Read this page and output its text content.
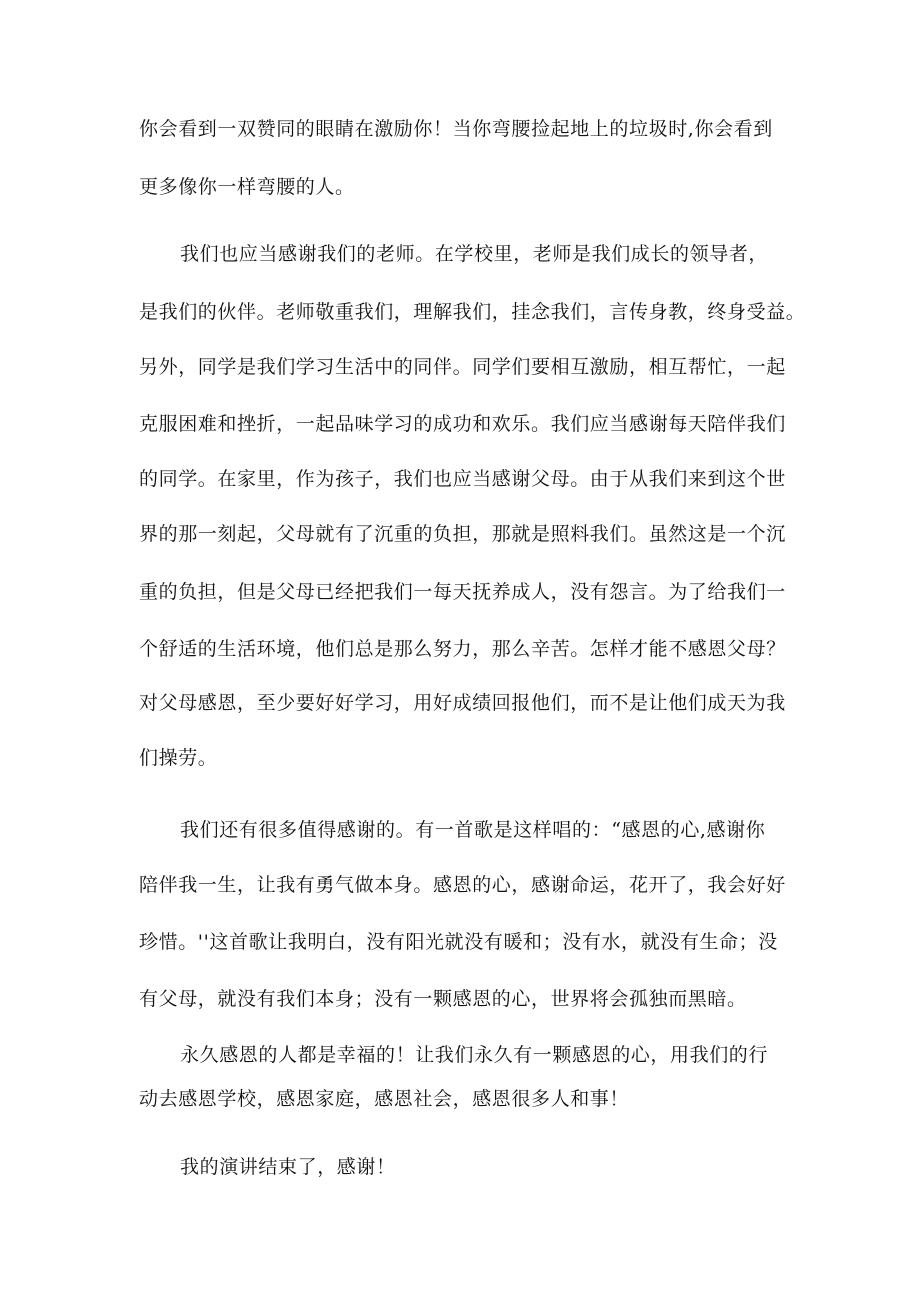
你会看到一双赞同的眼睛在激励你！当你弯腰捡起地上的垃圾时,你会看到
更多像你一样弯腰的人。
我们也应当感谢我们的老师。在学校里，老师是我们成长的领导者，
是我们的伙伴。老师敬重我们，理解我们，挂念我们，言传身教，终身受益。
另外，同学是我们学习生活中的同伴。同学们要相互激励，相互帮忙，一起
克服困难和挫折，一起品味学习的成功和欢乐。我们应当感谢每天陪伴我们
的同学。在家里，作为孩子，我们也应当感谢父母。由于从我们来到这个世
界的那一刻起，父母就有了沉重的负担，那就是照料我们。虽然这是一个沉
重的负担，但是父母已经把我们一每天抚养成人，没有怨言。为了给我们一
个舒适的生活环境，他们总是那么努力，那么辛苦。怎样才能不感恩父母？
对父母感恩，至少要好好学习，用好成绩回报他们，而不是让他们成天为我
们操劳。
我们还有很多值得感谢的。有一首歌是这样唱的：“感恩的心,感谢你
陪伴我一生，让我有勇气做本身。感恩的心，感谢命运，花开了，我会好好
珍惜。''这首歌让我明白，没有阳光就没有暖和；没有水，就没有生命；没
有父母，就没有我们本身；没有一颗感恩的心，世界将会孤独而黑暗。
永久感恩的人都是幸福的！让我们永久有一颗感恩的心，用我们的行
动去感恩学校，感恩家庭，感恩社会，感恩很多人和事！
我的演讲结束了，感谢！
